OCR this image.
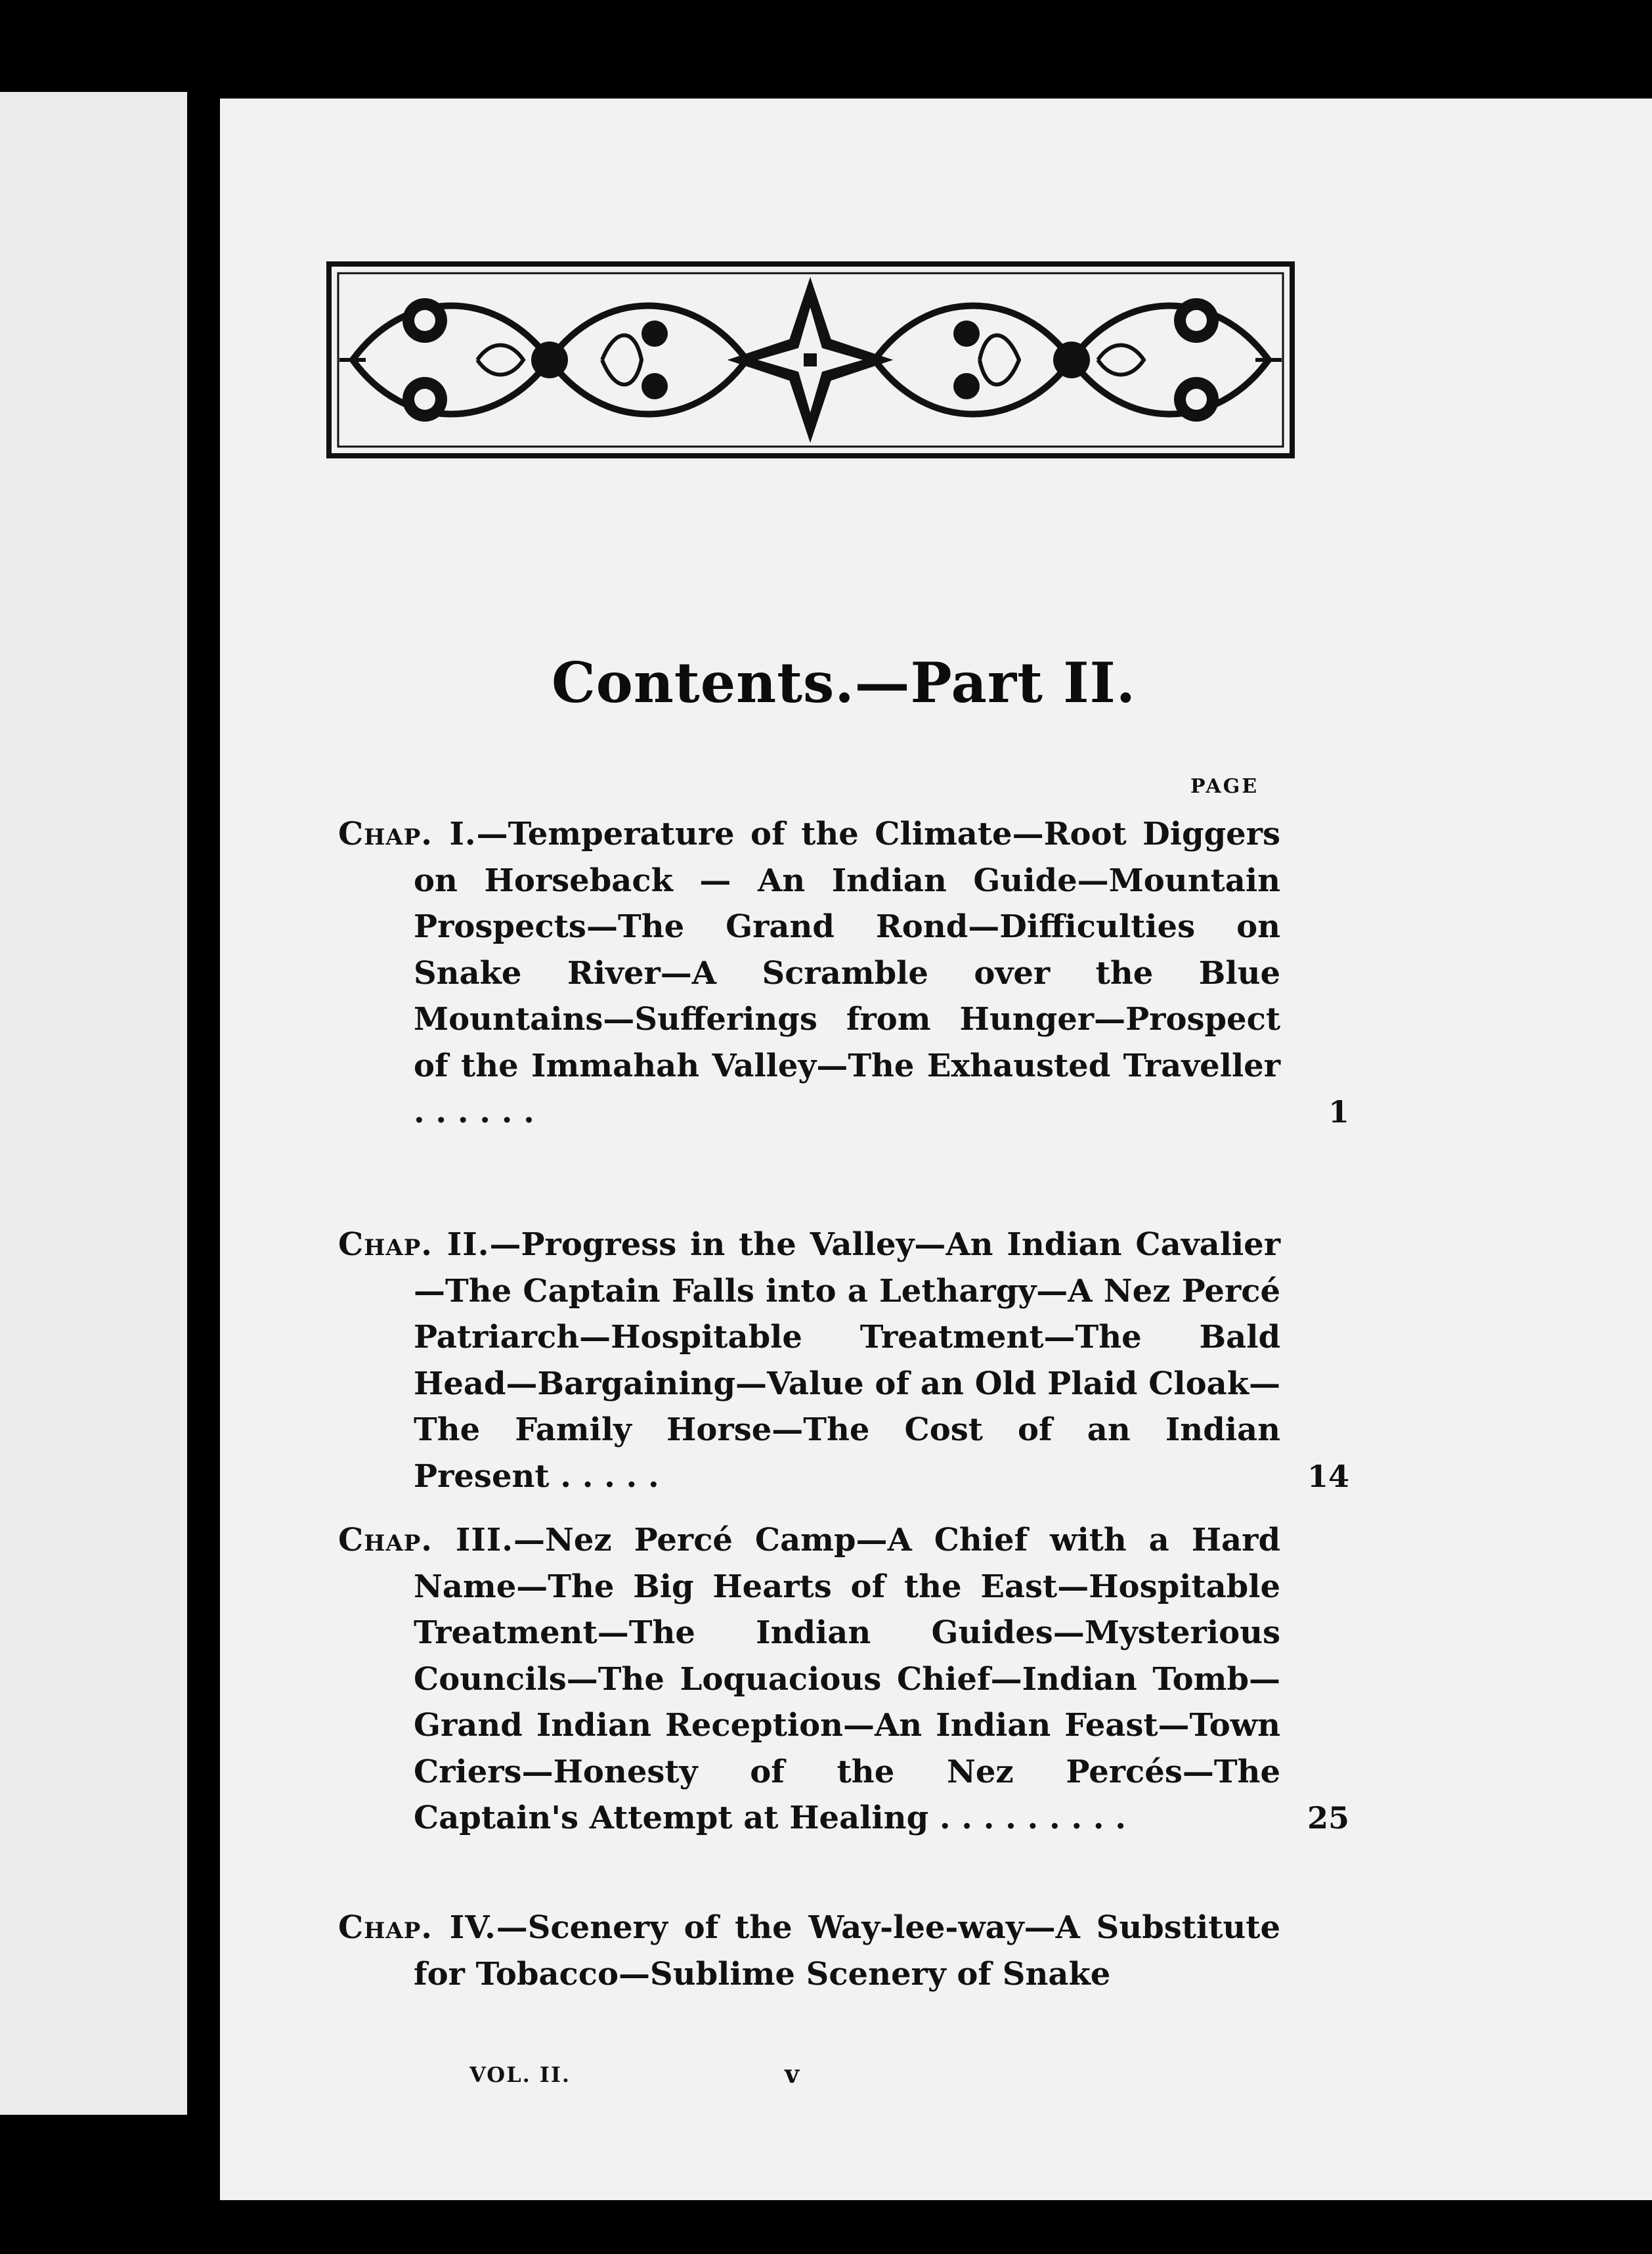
Contents.—Part II.
PAGE
Chap. I.—Temperature of the Climate—Root Diggers on Horseback — An Indian Guide—Mountain Prospects—The Grand Rond—Difficulties on Snake River—A Scramble over the Blue Mountains—Sufferings from Hunger—Prospect of the Immahah Valley—The Exhausted Traveller . . . . . .	1
Chap. II.—Progress in the Valley—An Indian Cavalier—The Captain Falls into a Lethargy—A Nez Percé Patriarch—Hospitable Treatment—The Bald Head—Bargaining—Value of an Old Plaid Cloak—The Family Horse—The Cost of an Indian Present . . . . .	14
Chap. III.—Nez Percé Camp—A Chief with a Hard Name—The Big Hearts of the East—Hospitable Treatment—The Indian Guides—Mysterious Councils—The Loquacious Chief—Indian Tomb—Grand Indian Reception—An Indian Feast—Town Criers—Honesty of the Nez Percés—The Captain's Attempt at Healing . . . . . . . . .	25
Chap. IV.—Scenery of the Way-lee-way—A Substitute for Tobacco—Sublime Scenery of Snake
VOL. II.	v
